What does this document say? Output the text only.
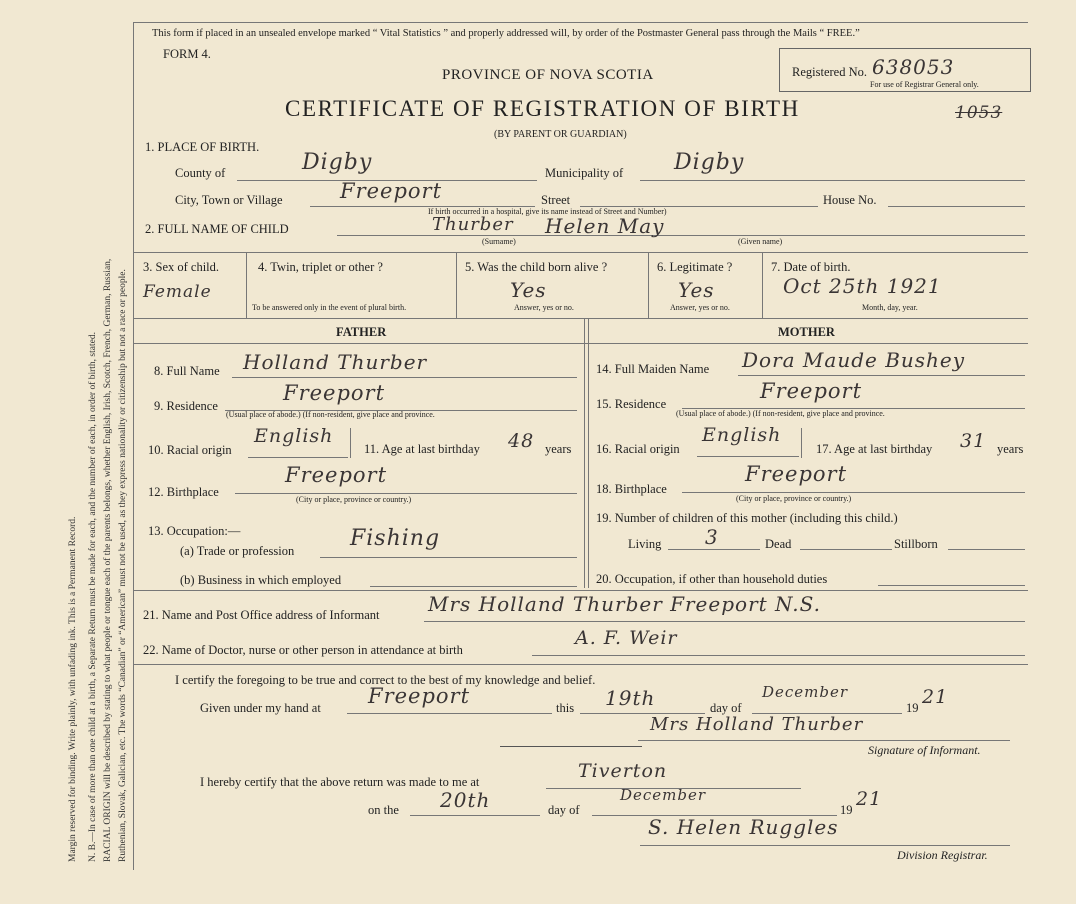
Margin reserved for binding. Write plainly, with unfading ink. This is a Permanent Record. N. B.—In case of more than one child at a birth, a Separate Return must be made for each, and the number of each, in order of birth, stated. RACIAL ORIGIN will be described by stating to what people or tongue each of the parents belongs, whether English, Irish, Scotch, French, German, Russian, Ruthenian, Slovak, Galician, etc. The words “Canadian” or “American” must not be used, as they express nationality or citizenship but not a race or people.
This form if placed in an unsealed envelope marked “ Vital Statistics ” and properly addressed will, by order of the Postmaster General pass through the Mails “ FREE.”
FORM 4.
PROVINCE OF NOVA SCOTIA
CERTIFICATE OF REGISTRATION OF BIRTH
(BY PARENT OR GUARDIAN)
Registered No. 638053
For use of Registrar General only.
1053
1. PLACE OF BIRTH.
County of	Digby	Municipality of Digby
City, Town or Village	Freeport	Street	House No.
If birth occurred in a hospital, give its name instead of Street and Number)
2. FULL NAME OF CHILD	Thurber Helen May
(Surname)	(Given name)
3. Sex of child.
Female
4. Twin, triplet or other ?
To be answered only in the event of plural birth.
5. Was the child born alive ?
Yes
Answer, yes or no.
6. Legitimate ?
Yes
Answer, yes or no.
7. Date of birth.
Oct 25th 1921
Month, day, year.
FATHER	MOTHER
8. Full Name Holland Thurber
9. Residence
Freeport
(Usual place of abode.) (If non-resident, give place and province.
10. Racial origin
English
11. Age at last birthday 48 years
12. Birthplace
Freeport
(City or place, province or country.)
13. Occupation:—
(a) Trade or profession	Fishing
(b) Business in which employed
14. Full Maiden Name Dora Maude Bushey
15. Residence
Freeport
(Usual place of abode.) (If non-resident, give place and province.
16. Racial origin
English
17. Age at last birthday 31 years
18. Birthplace
Freeport
(City or place, province or country.)
19. Number of children of this mother (including this child.)
Living 3	Dead	Stillborn
20. Occupation, if other than household duties
21. Name and Post Office address of Informant Mrs Holland Thurber Freeport N.S.
22. Name of Doctor, nurse or other person in attendance at birth
A. F. Weir
I certify the foregoing to be true and correct to the best of my knowledge and belief.
Given under my hand at Freeport	this 19th	day of
December
19 21
Mrs Holland Thurber
Signature of Informant.
I hereby certify that the above return was made to me at	Tiverton
on the 20th	day of
December
19 21
S. Helen Ruggles
Division Registrar.
